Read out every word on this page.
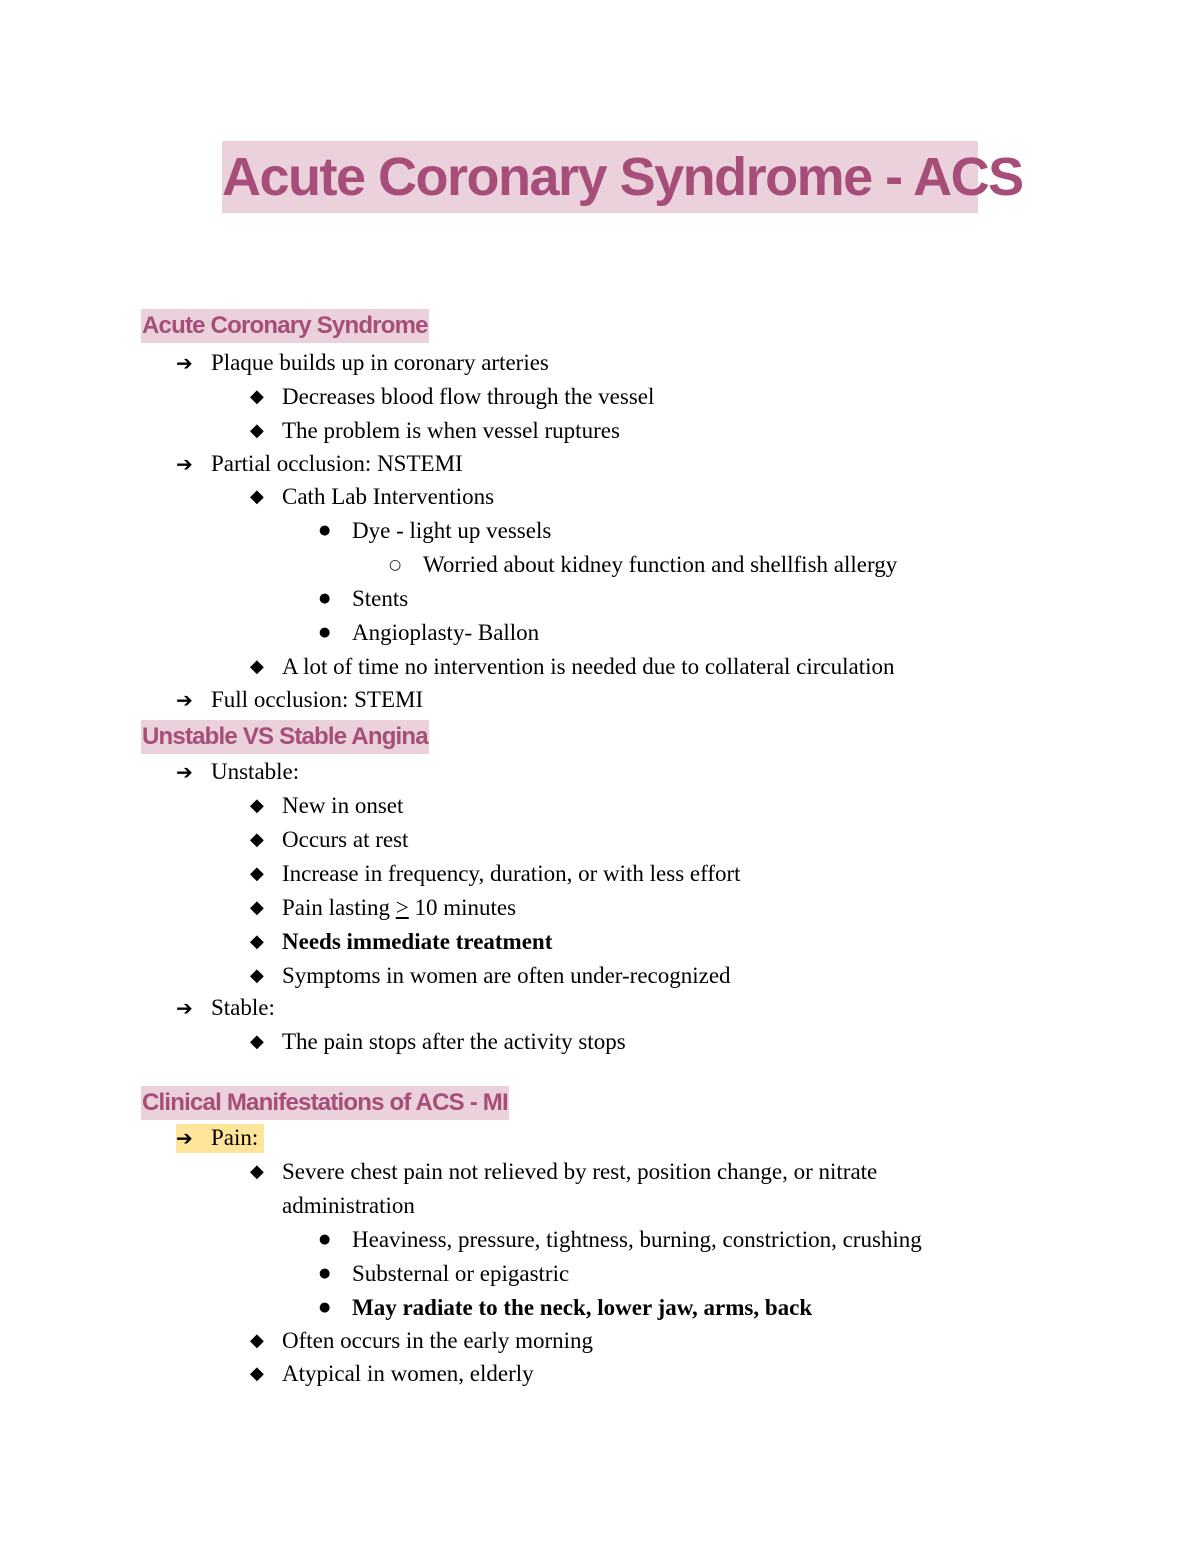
Acute Coronary Syndrome - ACS
Acute Coronary Syndrome
➔ Plaque builds up in coronary arteries
◆ Decreases blood flow through the vessel
◆ The problem is when vessel ruptures
➔ Partial occlusion: NSTEMI
◆ Cath Lab Interventions
● Dye - light up vessels
○ Worried about kidney function and shellfish allergy
● Stents
● Angioplasty- Ballon
◆ A lot of time no intervention is needed due to collateral circulation
➔ Full occlusion: STEMI
Unstable VS Stable Angina
➔ Unstable:
◆ New in onset
◆ Occurs at rest
◆ Increase in frequency, duration, or with less effort
◆ Pain lasting ≥ 10 minutes
◆ Needs immediate treatment
◆ Symptoms in women are often under-recognized
➔ Stable:
◆ The pain stops after the activity stops
Clinical Manifestations of ACS - MI
➔ Pain:
◆ Severe chest pain not relieved by rest, position change, or nitrate
administration
● Heaviness, pressure, tightness, burning, constriction, crushing
● Substernal or epigastric
● May radiate to the neck, lower jaw, arms, back
◆ Often occurs in the early morning
◆ Atypical in women, elderly
